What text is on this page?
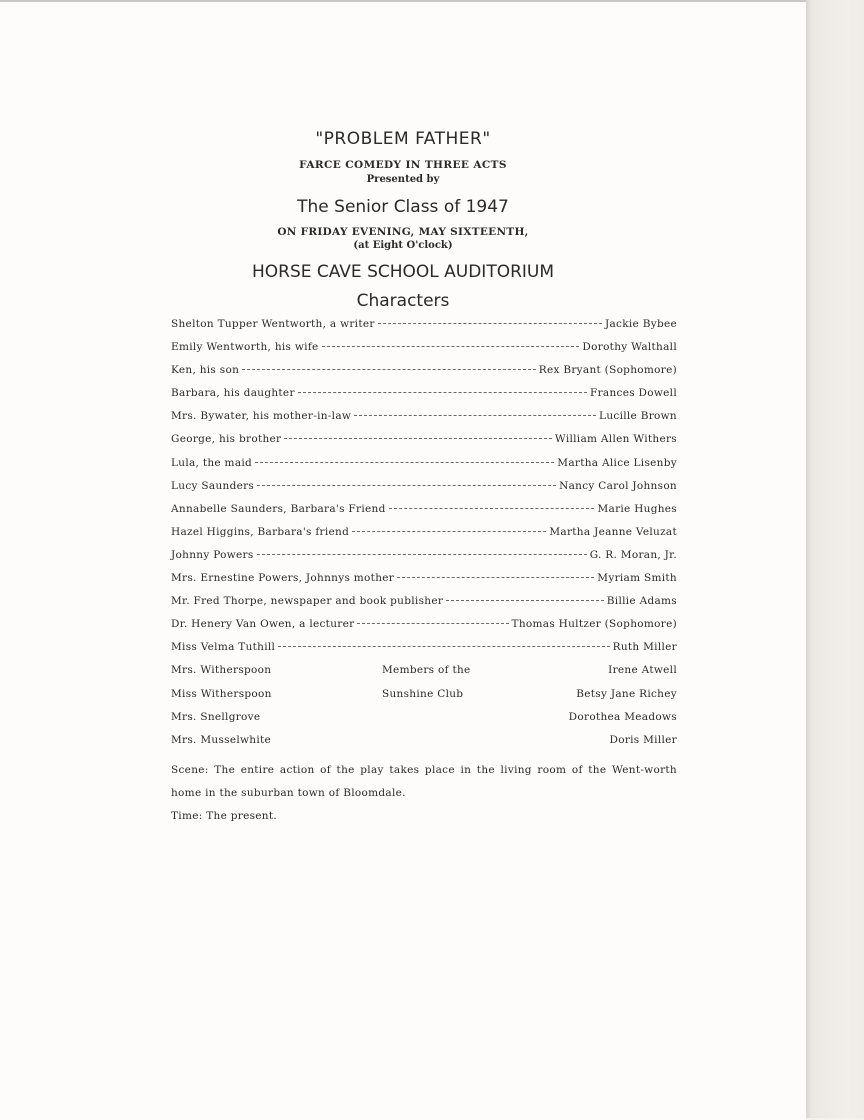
"PROBLEM FATHER"
FARCE COMEDY IN THREE ACTS
Presented by
The Senior Class of 1947
ON FRIDAY EVENING, MAY SIXTEENTH,
(at Eight O'clock)
HORSE CAVE SCHOOL AUDITORIUM
Characters
Shelton Tupper Wentworth, a writer	Jackie Bybee
Emily Wentworth, his wife	Dorothy Walthall
Ken, his son	Rex Bryant (Sophomore)
Barbara, his daughter	Frances Dowell
Mrs. Bywater, his mother-in-law	Lucille Brown
George, his brother	William Allen Withers
Lula, the maid	Martha Alice Lisenby
Lucy Saunders	Nancy Carol Johnson
Annabelle Saunders, Barbara's Friend	Marie Hughes
Hazel Higgins, Barbara's friend	Martha Jeanne Veluzat
Johnny Powers	G. R. Moran, Jr.
Mrs. Ernestine Powers, Johnnys mother	Myriam Smith
Mr. Fred Thorpe, newspaper and book publisher	Billie Adams
Dr. Henery Van Owen, a lecturer	Thomas Hultzer (Sophomore)
Miss Velma Tuthill	Ruth Miller
Mrs. Witherspoon	Members of the	Irene Atwell
Miss Witherspoon	Sunshine Club	Betsy Jane Richey
Mrs. Snellgrove	Dorothea Meadows
Mrs. Musselwhite	Doris Miller
Scene: The entire action of the play takes place in the living room of the Went-worth home in the suburban town of Bloomdale.
Time: The present.
